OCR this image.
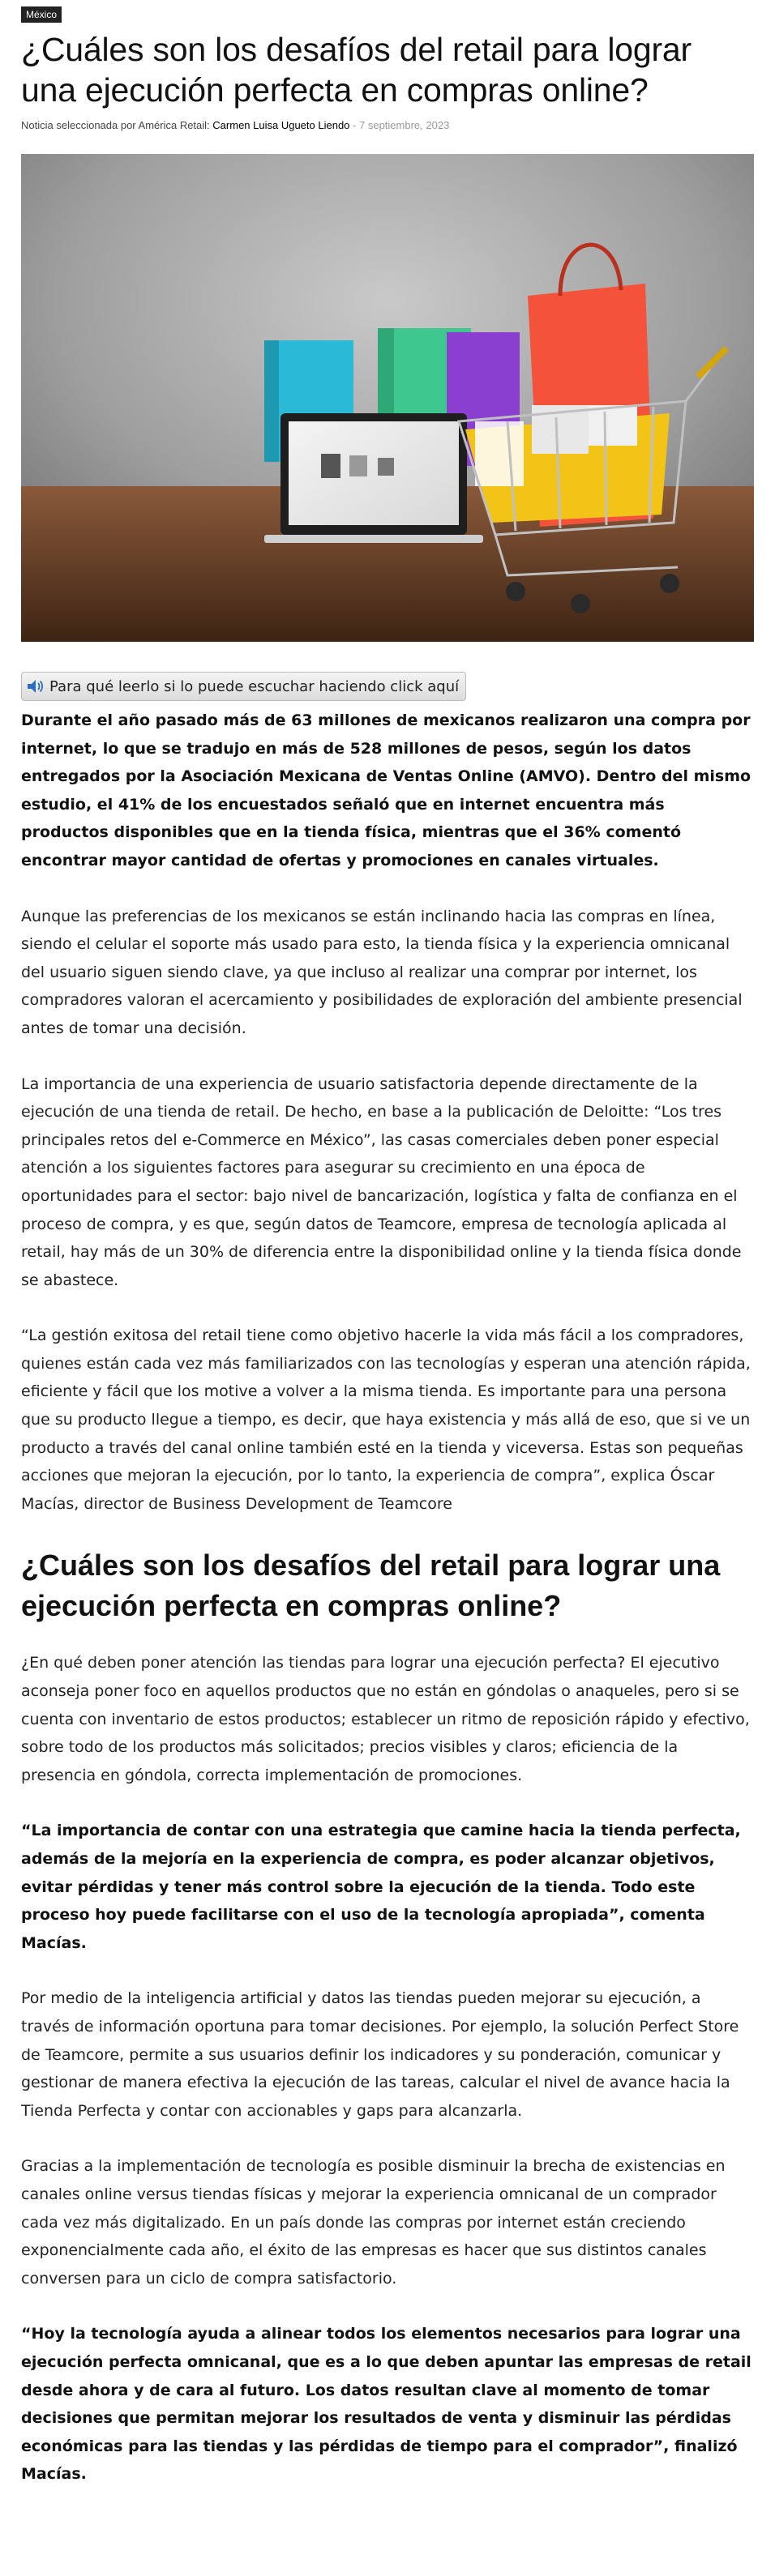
México
¿Cuáles son los desafíos del retail para lograr una ejecución perfecta en compras online?
Noticia seleccionada por América Retail: Carmen Luisa Ugueto Liendo - 7 septiembre, 2023
Para qué leerlo si lo puede escuchar haciendo click aquí

Durante el año pasado más de 63 millones de mexicanos realizaron una compra por internet, lo que se tradujo en más de 528 millones de pesos, según los datos entregados por la Asociación Mexicana de Ventas Online (AMVO). Dentro del mismo estudio, el 41% de los encuestados señaló que en internet encuentra más productos disponibles que en la tienda física, mientras que el 36% comentó encontrar mayor cantidad de ofertas y promociones en canales virtuales.

Aunque las preferencias de los mexicanos se están inclinando hacia las compras en línea, siendo el celular el soporte más usado para esto, la tienda física y la experiencia omnicanal del usuario siguen siendo clave, ya que incluso al realizar una comprar por internet, los compradores valoran el acercamiento y posibilidades de exploración del ambiente presencial antes de tomar una decisión.

La importancia de una experiencia de usuario satisfactoria depende directamente de la ejecución de una tienda de retail. De hecho, en base a la publicación de Deloitte: “Los tres principales retos del e-Commerce en México”, las casas comerciales deben poner especial atención a los siguientes factores para asegurar su crecimiento en una época de oportunidades para el sector: bajo nivel de bancarización, logística y falta de confianza en el proceso de compra, y es que, según datos de Teamcore, empresa de tecnología aplicada al retail, hay más de un 30% de diferencia entre la disponibilidad online y la tienda física donde se abastece.

“La gestión exitosa del retail tiene como objetivo hacerle la vida más fácil a los compradores, quienes están cada vez más familiarizados con las tecnologías y esperan una atención rápida, eficiente y fácil que los motive a volver a la misma tienda. Es importante para una persona que su producto llegue a tiempo, es decir, que haya existencia y más allá de eso, que si ve un producto a través del canal online también esté en la tienda y viceversa. Estas son pequeñas acciones que mejoran la ejecución, por lo tanto, la experiencia de compra”, explica Óscar Macías, director de Business Development de Teamcore

¿Cuáles son los desafíos del retail para lograr una ejecución perfecta en compras online?

¿En qué deben poner atención las tiendas para lograr una ejecución perfecta? El ejecutivo aconseja poner foco en aquellos productos que no están en góndolas o anaqueles, pero si se cuenta con inventario de estos productos; establecer un ritmo de reposición rápido y efectivo, sobre todo de los productos más solicitados; precios visibles y claros; eficiencia de la presencia en góndola, correcta implementación de promociones.

“La importancia de contar con una estrategia que camine hacia la tienda perfecta, además de la mejoría en la experiencia de compra, es poder alcanzar objetivos, evitar pérdidas y tener más control sobre la ejecución de la tienda. Todo este proceso hoy puede facilitarse con el uso de la tecnología apropiada”, comenta Macías.

Por medio de la inteligencia artificial y datos las tiendas pueden mejorar su ejecución, a través de información oportuna para tomar decisiones. Por ejemplo, la solución Perfect Store de Teamcore, permite a sus usuarios definir los indicadores y su ponderación, comunicar y gestionar de manera efectiva la ejecución de las tareas, calcular el nivel de avance hacia la Tienda Perfecta y contar con accionables y gaps para alcanzarla.

Gracias a la implementación de tecnología es posible disminuir la brecha de existencias en canales online versus tiendas físicas y mejorar la experiencia omnicanal de un comprador cada vez más digitalizado. En un país donde las compras por internet están creciendo exponencialmente cada año, el éxito de las empresas es hacer que sus distintos canales conversen para un ciclo de compra satisfactorio.

“Hoy la tecnología ayuda a alinear todos los elementos necesarios para lograr una ejecución perfecta omnicanal, que es a lo que deben apuntar las empresas de retail desde ahora y de cara al futuro. Los datos resultan clave al momento de tomar decisiones que permitan mejorar los resultados de venta y disminuir las pérdidas económicas para las tiendas y las pérdidas de tiempo para el comprador”, finalizó Macías.
